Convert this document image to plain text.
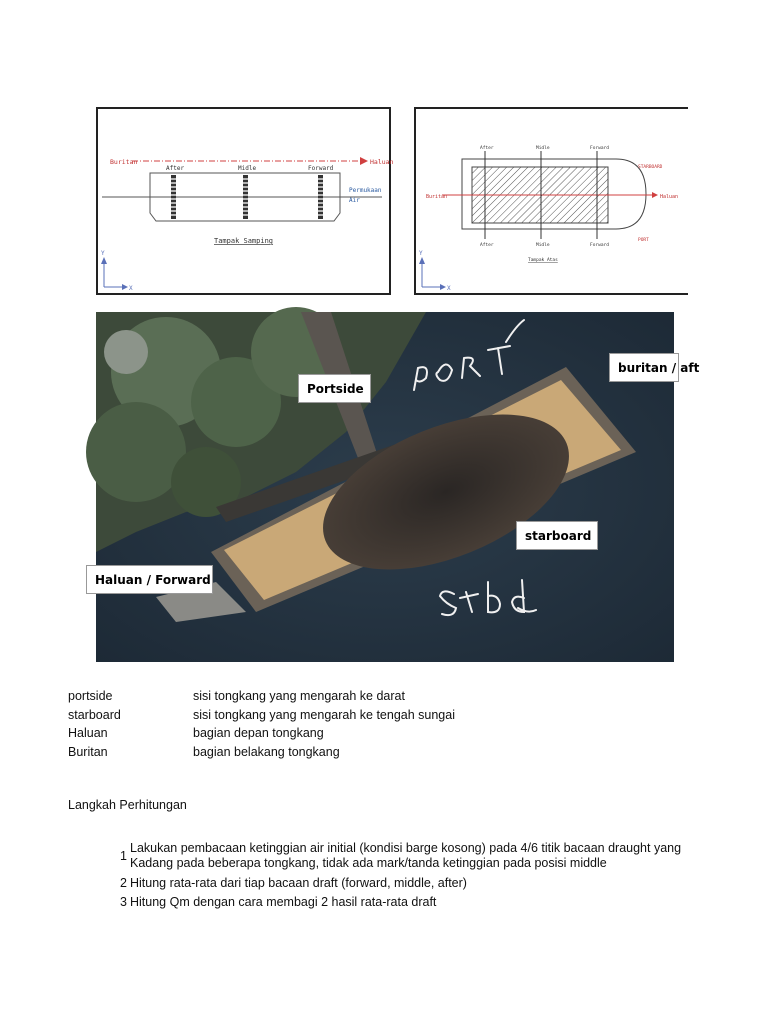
Buritan	Haluan
After	Midle	Forward
Permukaan
Air
Tampak Samping
Y
X
After	Midle	Forward
After	Midle	Forward
Buritan	Haluan
STARBOARD
PORT
Tampak Atas
Y
X
Portside
buritan / aft
starboard
Haluan / Forward
portside	sisi tongkang yang mengarah ke darat
starboard	sisi tongkang yang mengarah ke tengah sungai
Haluan	bagian depan tongkang
Buritan	bagian belakang tongkang
Langkah Perhitungan
1
Lakukan pembacaan ketinggian air initial (kondisi barge kosong) pada 4/6 titik bacaan draught yang
Kadang pada beberapa tongkang, tidak ada mark/tanda ketinggian pada posisi middle
2 Hitung rata-rata dari tiap bacaan draft (forward, middle, after)
3 Hitung Qm dengan cara membagi 2 hasil rata-rata draft
